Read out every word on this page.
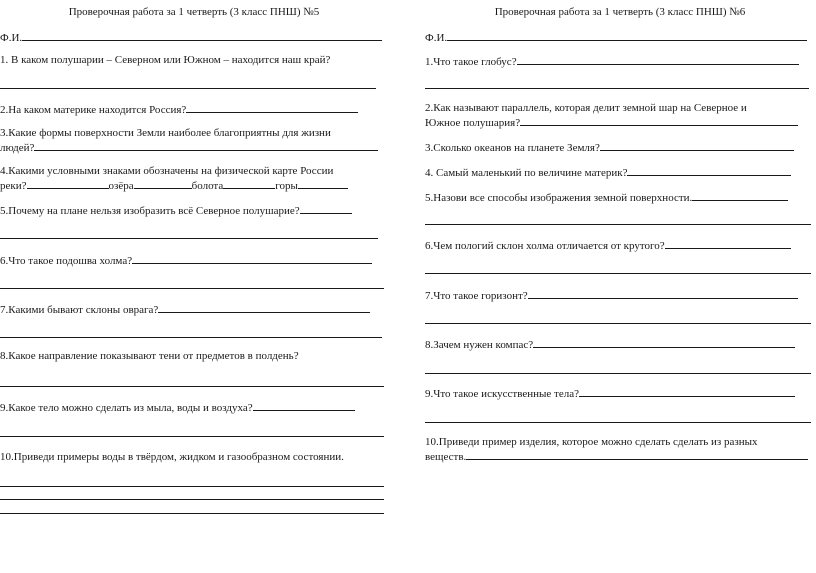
Проверочная работа за 1 четверть (3 класс ПНШ) №5
Ф.И.
1. В каком полушарии – Северном или Южном – находится наш край?
2.На каком материке находится Россия?
3.Какие формы поверхности Земли наиболее благоприятны для жизни
людей?
4.Какими условными знаками обозначены на физической карте России
реки?	озёра	болота	горы
5.Почему на плане нельзя изобразить всё Северное полушарие?
6.Что такое подошва холма?
7.Какими бывают склоны оврага?
8.Какое направление показывают тени от предметов в полдень?
9.Какое тело можно сделать из мыла, воды и воздуха?
10.Приведи примеры воды в твёрдом, жидком и газообразном состоянии.
Проверочная работа за 1 четверть (3 класс ПНШ) №6
Ф.И.
1.Что такое глобус?
2.Как называют параллель, которая делит земной шар на Северное и
Южное полушария?
3.Сколько океанов на планете Земля?
4. Самый маленький по величине материк?
5.Назови все способы изображения земной поверхности.
6.Чем пологий склон холма отличается от крутого?
7.Что такое горизонт?
8.Зачем нужен компас?
9.Что такое искусственные тела?
10.Приведи пример изделия, которое можно сделать сделать из разных
веществ.
